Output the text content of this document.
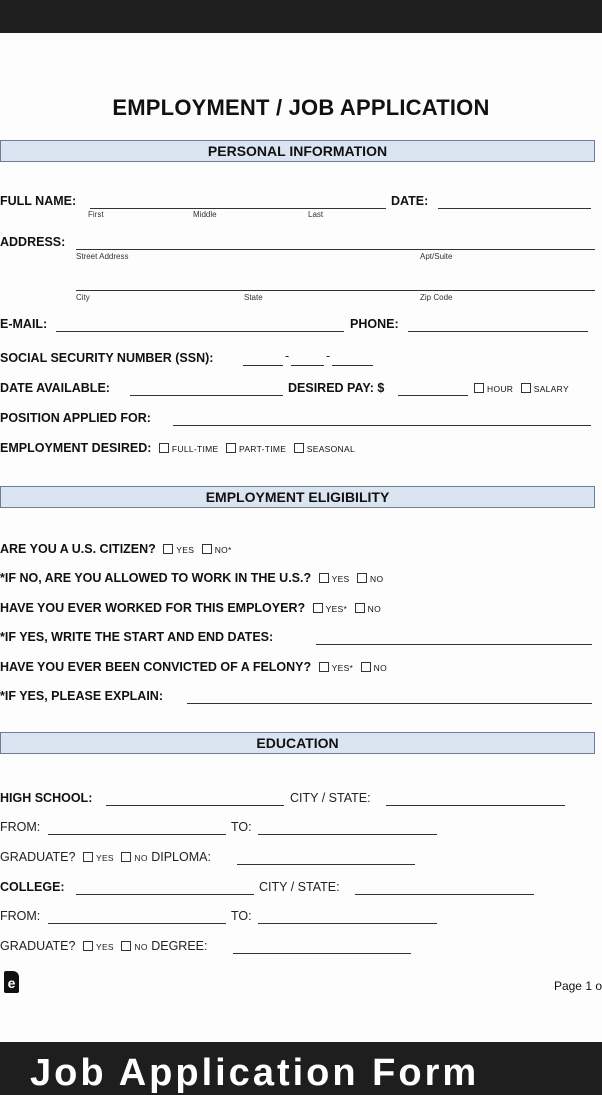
EMPLOYMENT / JOB APPLICATION
PERSONAL INFORMATION
FULL NAME:
First	Middle	Last
DATE:
ADDRESS:
Street Address	Apt/Suite
City	State	Zip Code
E-MAIL:	PHONE:
SOCIAL SECURITY NUMBER (SSN):	-	-
DATE AVAILABLE:	DESIRED PAY: $	HOUR SALARY
POSITION APPLIED FOR:
EMPLOYMENT DESIRED: FULL-TIME PART-TIME SEASONAL
EMPLOYMENT ELIGIBILITY
ARE YOU A U.S. CITIZEN? YES NO*
*IF NO, ARE YOU ALLOWED TO WORK IN THE U.S.? YES NO
HAVE YOU EVER WORKED FOR THIS EMPLOYER? YES* NO
*IF YES, WRITE THE START AND END DATES:
HAVE YOU EVER BEEN CONVICTED OF A FELONY? YES* NO
*IF YES, PLEASE EXPLAIN:
EDUCATION
HIGH SCHOOL:	CITY / STATE:
FROM:	TO:
GRADUATE? YES NO DIPLOMA:
COLLEGE:	CITY / STATE:
FROM:	TO:
GRADUATE? YES NO DEGREE:
e	Page 1 o
Job Application Form
